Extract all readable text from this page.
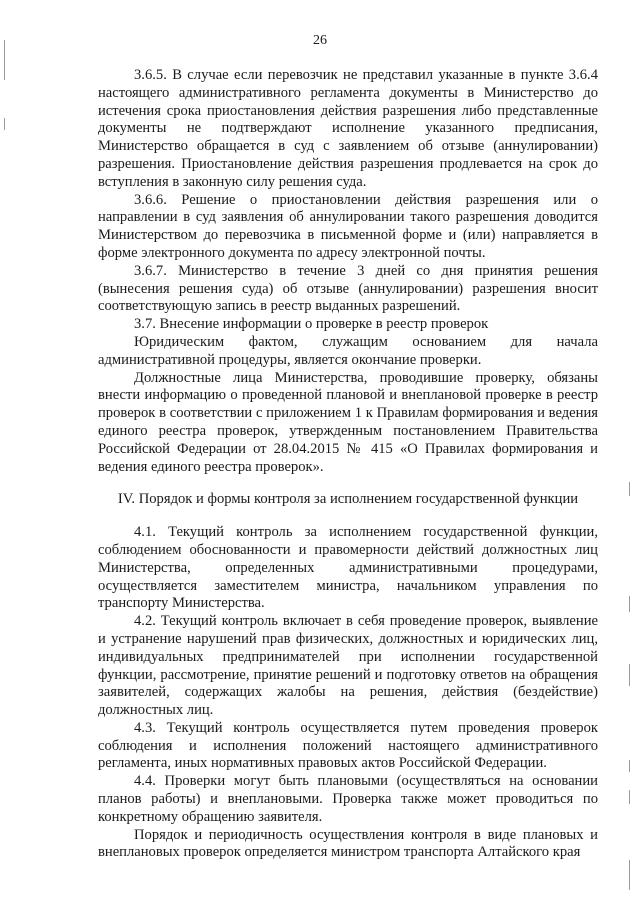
26

3.6.5. В случае если перевозчик не представил указанные в пункте 3.6.4 настоящего административного регламента документы в Министерство до истечения срока приостановления действия разрешения либо представленные документы не подтверждают исполнение указанного предписания, Министерство обращается в суд с заявлением об отзыве (аннулировании) разрешения. Приостановление действия разрешения продлевается на срок до вступления в законную силу решения суда.

3.6.6. Решение о приостановлении действия разрешения или о направлении в суд заявления об аннулировании такого разрешения доводится Министерством до перевозчика в письменной форме и (или) направляется в форме электронного документа по адресу электронной почты.

3.6.7. Министерство в течение 3 дней со дня принятия решения (вынесения решения суда) об отзыве (аннулировании) разрешения вносит соответствующую запись в реестр выданных разрешений.

3.7. Внесение информации о проверке в реестр проверок

Юридическим фактом, служащим основанием для начала административной процедуры, является окончание проверки.

Должностные лица Министерства, проводившие проверку, обязаны внести информацию о проведенной плановой и внеплановой проверке в реестр проверок в соответствии с приложением 1 к Правилам формирования и ведения единого реестра проверок, утвержденным постановлением Правительства Российской Федерации от 28.04.2015 № 415 «О Правилах формирования и ведения единого реестра проверок».

IV. Порядок и формы контроля за исполнением государственной функции

4.1. Текущий контроль за исполнением государственной функции, соблюдением обоснованности и правомерности действий должностных лиц Министерства, определенных административными процедурами, осуществляется заместителем министра, начальником управления по транспорту Министерства.

4.2. Текущий контроль включает в себя проведение проверок, выявление и устранение нарушений прав физических, должностных и юридических лиц, индивидуальных предпринимателей при исполнении государственной функции, рассмотрение, принятие решений и подготовку ответов на обращения заявителей, содержащих жалобы на решения, действия (бездействие) должностных лиц.

4.3. Текущий контроль осуществляется путем проведения проверок соблюдения и исполнения положений настоящего административного регламента, иных нормативных правовых актов Российской Федерации.

4.4. Проверки могут быть плановыми (осуществляться на основании планов работы) и внеплановыми. Проверка также может проводиться по конкретному обращению заявителя.

Порядок и периодичность осуществления контроля в виде плановых и внеплановых проверок определяется министром транспорта Алтайского края
